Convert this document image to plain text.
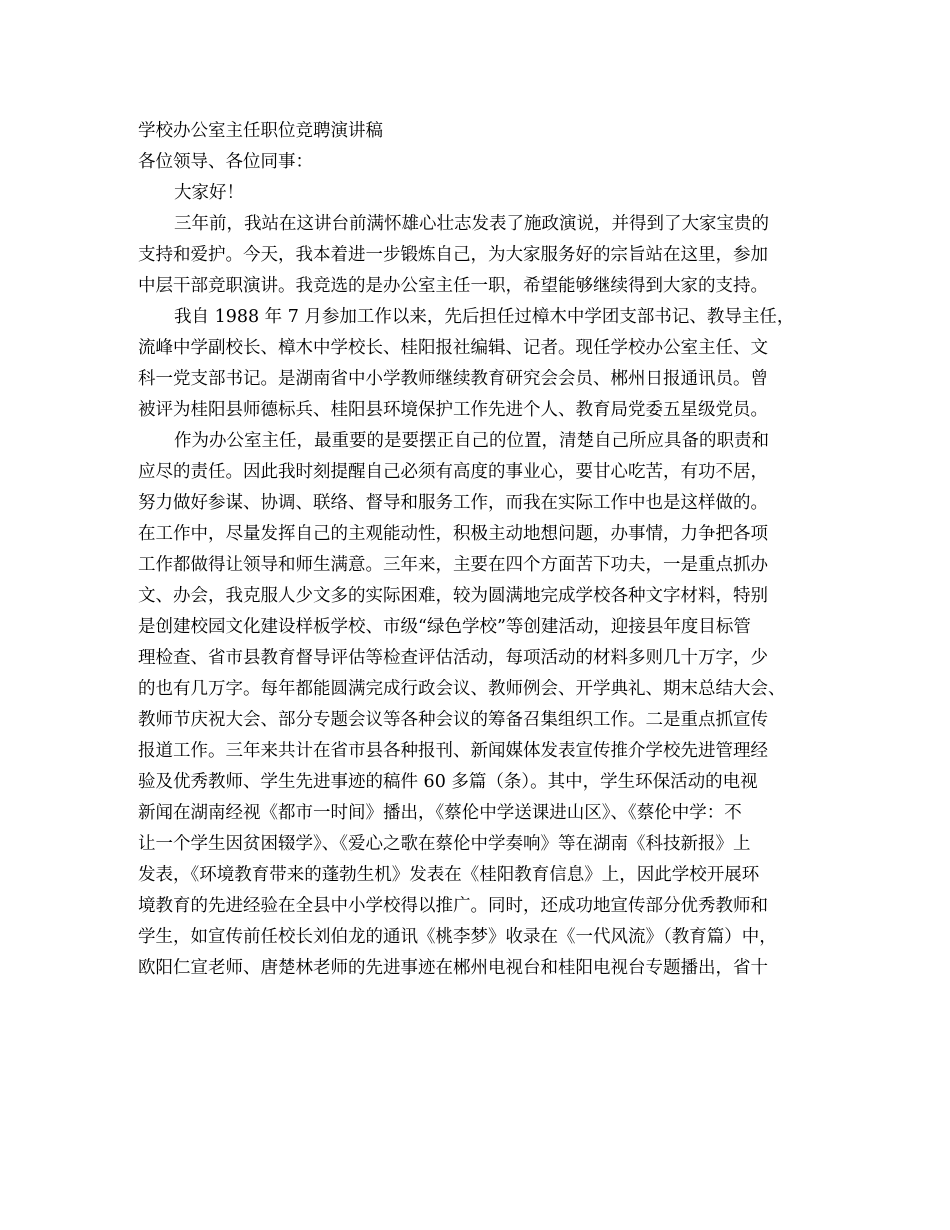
学校办公室主任职位竞聘演讲稿

各位领导、各位同事：

大家好！

三年前，我站在这讲台前满怀雄心壮志发表了施政演说，并得到了大家宝贵的

支持和爱护。今天，我本着进一步锻炼自己，为大家服务好的宗旨站在这里，参加

中层干部竞职演讲。我竞选的是办公室主任一职，希望能够继续得到大家的支持。

我自 1988 年 7 月参加工作以来，先后担任过樟木中学团支部书记、教导主任，

流峰中学副校长、樟木中学校长、桂阳报社编辑、记者。现任学校办公室主任、文

科一党支部书记。是湖南省中小学教师继续教育研究会会员、郴州日报通讯员。曾

被评为桂阳县师德标兵、桂阳县环境保护工作先进个人、教育局党委五星级党员。

作为办公室主任，最重要的是要摆正自己的位置，清楚自己所应具备的职责和

应尽的责任。因此我时刻提醒自己必须有高度的事业心，要甘心吃苦，有功不居，

努力做好参谋、协调、联络、督导和服务工作，而我在实际工作中也是这样做的。

在工作中，尽量发挥自己的主观能动性，积极主动地想问题，办事情，力争把各项

工作都做得让领导和师生满意。三年来，主要在四个方面苦下功夫，一是重点抓办

文、办会，我克服人少文多的实际困难，较为圆满地完成学校各种文字材料，特别

是创建校园文化建设样板学校、市级“绿色学校”等创建活动，迎接县年度目标管

理检查、省市县教育督导评估等检查评估活动，每项活动的材料多则几十万字，少

的也有几万字。每年都能圆满完成行政会议、教师例会、开学典礼、期末总结大会、

教师节庆祝大会、部分专题会议等各种会议的筹备召集组织工作。二是重点抓宣传

报道工作。三年来共计在省市县各种报刊、新闻媒体发表宣传推介学校先进管理经

验及优秀教师、学生先进事迹的稿件 60 多篇（条）。其中，学生环保活动的电视

新闻在湖南经视《都市一时间》播出，《蔡伦中学送课进山区》、《蔡伦中学：不

让一个学生因贫困辍学》、《爱心之歌在蔡伦中学奏响》等在湖南《科技新报》上

发表，《环境教育带来的蓬勃生机》发表在《桂阳教育信息》上，因此学校开展环

境教育的先进经验在全县中小学校得以推广。同时，还成功地宣传部分优秀教师和

学生，如宣传前任校长刘伯龙的通讯《桃李梦》收录在《一代风流》（教育篇）中，

欧阳仁宣老师、唐楚林老师的先进事迹在郴州电视台和桂阳电视台专题播出，省十
